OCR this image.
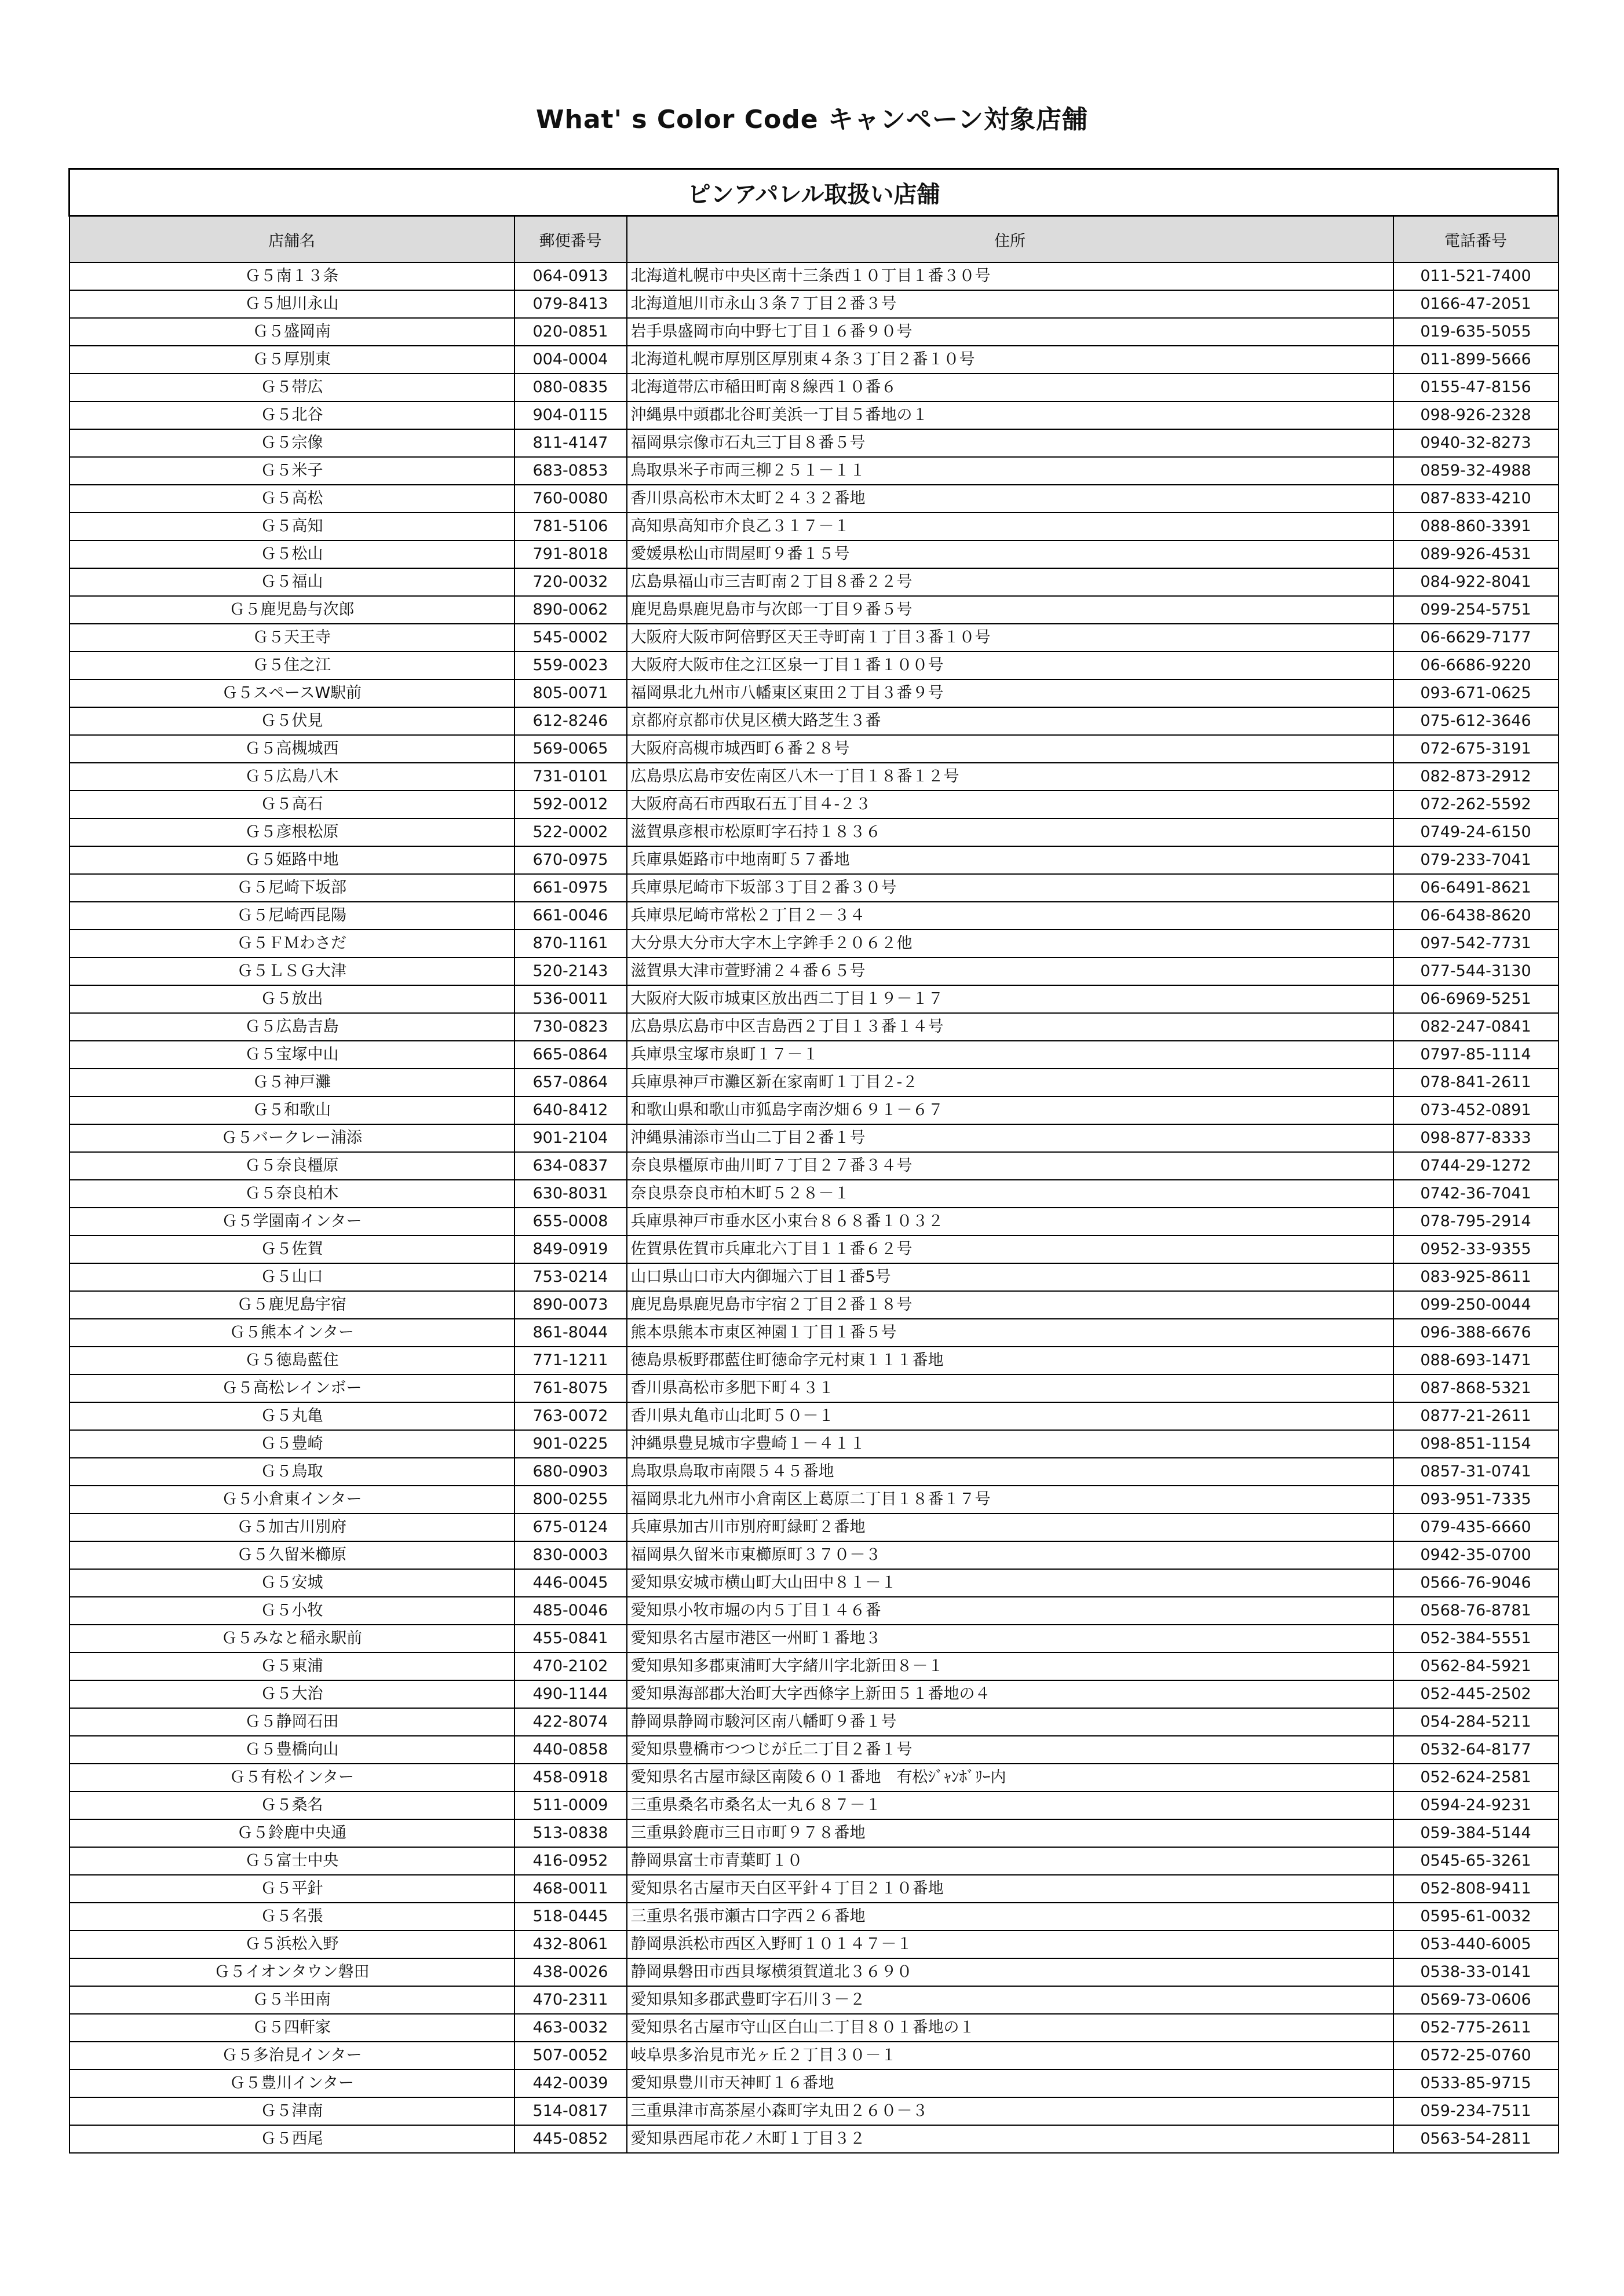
What' s Color Code キャンペーン対象店舗
ピンアパレル取扱い店舗			
店舗名	郵便番号	住所	電話番号
Ｇ５南１３条	064-0913	北海道札幌市中央区南十三条西１０丁目１番３０号	011-521-7400
Ｇ５旭川永山	079-8413	北海道旭川市永山３条７丁目２番３号	0166-47-2051
Ｇ５盛岡南	020-0851	岩手県盛岡市向中野七丁目１６番９０号	019-635-5055
Ｇ５厚別東	004-0004	北海道札幌市厚別区厚別東４条３丁目２番１０号	011-899-5666
Ｇ５帯広	080-0835	北海道帯広市稲田町南８線西１０番６	0155-47-8156
Ｇ５北谷	904-0115	沖縄県中頭郡北谷町美浜一丁目５番地の１	098-926-2328
Ｇ５宗像	811-4147	福岡県宗像市石丸三丁目８番５号	0940-32-8273
Ｇ５米子	683-0853	鳥取県米子市両三柳２５１－１１	0859-32-4988
Ｇ５高松	760-0080	香川県高松市木太町２４３２番地	087-833-4210
Ｇ５高知	781-5106	高知県高知市介良乙３１７－１	088-860-3391
Ｇ５松山	791-8018	愛媛県松山市問屋町９番１５号	089-926-4531
Ｇ５福山	720-0032	広島県福山市三吉町南２丁目８番２２号	084-922-8041
Ｇ５鹿児島与次郎	890-0062	鹿児島県鹿児島市与次郎一丁目９番５号	099-254-5751
Ｇ５天王寺	545-0002	大阪府大阪市阿倍野区天王寺町南１丁目３番１０号	06-6629-7177
Ｇ５住之江	559-0023	大阪府大阪市住之江区泉一丁目１番１００号	06-6686-9220
Ｇ５スペースW駅前	805-0071	福岡県北九州市八幡東区東田２丁目３番９号	093-671-0625
Ｇ５伏見	612-8246	京都府京都市伏見区横大路芝生３番	075-612-3646
Ｇ５高槻城西	569-0065	大阪府高槻市城西町６番２８号	072-675-3191
Ｇ５広島八木	731-0101	広島県広島市安佐南区八木一丁目１８番１２号	082-873-2912
Ｇ５高石	592-0012	大阪府高石市西取石五丁目４-２３	072-262-5592
Ｇ５彦根松原	522-0002	滋賀県彦根市松原町字石持１８３６	0749-24-6150
Ｇ５姫路中地	670-0975	兵庫県姫路市中地南町５７番地	079-233-7041
Ｇ５尼崎下坂部	661-0975	兵庫県尼崎市下坂部３丁目２番３０号	06-6491-8621
Ｇ５尼崎西昆陽	661-0046	兵庫県尼崎市常松２丁目２－３４	06-6438-8620
Ｇ５ＦＭわさだ	870-1161	大分県大分市大字木上字鉾手２０６２他	097-542-7731
Ｇ５ＬＳＧ大津	520-2143	滋賀県大津市萱野浦２４番６５号	077-544-3130
Ｇ５放出	536-0011	大阪府大阪市城東区放出西二丁目１９－１７	06-6969-5251
Ｇ５広島吉島	730-0823	広島県広島市中区吉島西２丁目１３番１４号	082-247-0841
Ｇ５宝塚中山	665-0864	兵庫県宝塚市泉町１７－１	0797-85-1114
Ｇ５神戸灘	657-0864	兵庫県神戸市灘区新在家南町１丁目２-２	078-841-2611
Ｇ５和歌山	640-8412	和歌山県和歌山市狐島字南汐畑６９１－６７	073-452-0891
Ｇ５バークレー浦添	901-2104	沖縄県浦添市当山二丁目２番１号	098-877-8333
Ｇ５奈良橿原	634-0837	奈良県橿原市曲川町７丁目２７番３４号	0744-29-1272
Ｇ５奈良柏木	630-8031	奈良県奈良市柏木町５２８－１	0742-36-7041
Ｇ５学園南インター	655-0008	兵庫県神戸市垂水区小束台８６８番１０３２	078-795-2914
Ｇ５佐賀	849-0919	佐賀県佐賀市兵庫北六丁目１１番６２号	0952-33-9355
Ｇ５山口	753-0214	山口県山口市大内御堀六丁目１番5号	083-925-8611
Ｇ５鹿児島宇宿	890-0073	鹿児島県鹿児島市宇宿２丁目２番１８号	099-250-0044
Ｇ５熊本インター	861-8044	熊本県熊本市東区神園１丁目１番５号	096-388-6676
Ｇ５徳島藍住	771-1211	徳島県板野郡藍住町徳命字元村東１１１番地	088-693-1471
Ｇ５高松レインボー	761-8075	香川県高松市多肥下町４３１	087-868-5321
Ｇ５丸亀	763-0072	香川県丸亀市山北町５０－１	0877-21-2611
Ｇ５豊崎	901-0225	沖縄県豊見城市字豊崎１－４１１	098-851-1154
Ｇ５鳥取	680-0903	鳥取県鳥取市南隈５４５番地	0857-31-0741
Ｇ５小倉東インター	800-0255	福岡県北九州市小倉南区上葛原二丁目１８番１７号	093-951-7335
Ｇ５加古川別府	675-0124	兵庫県加古川市別府町緑町２番地	079-435-6660
Ｇ５久留米櫛原	830-0003	福岡県久留米市東櫛原町３７０－３	0942-35-0700
Ｇ５安城	446-0045	愛知県安城市横山町大山田中８１－１	0566-76-9046
Ｇ５小牧	485-0046	愛知県小牧市堀の内５丁目１４６番	0568-76-8781
Ｇ５みなと稲永駅前	455-0841	愛知県名古屋市港区一州町１番地３	052-384-5551
Ｇ５東浦	470-2102	愛知県知多郡東浦町大字緒川字北新田８－１	0562-84-5921
Ｇ５大治	490-1144	愛知県海部郡大治町大字西條字上新田５１番地の４	052-445-2502
Ｇ５静岡石田	422-8074	静岡県静岡市駿河区南八幡町９番１号	054-284-5211
Ｇ５豊橋向山	440-0858	愛知県豊橋市つつじが丘二丁目２番１号	0532-64-8177
Ｇ５有松インター	458-0918	愛知県名古屋市緑区南陵６０１番地　有松ｼﾞｬﾝﾎﾞﾘｰ内	052-624-2581
Ｇ５桑名	511-0009	三重県桑名市桑名太一丸６８７－１	0594-24-9231
Ｇ５鈴鹿中央通	513-0838	三重県鈴鹿市三日市町９７８番地	059-384-5144
Ｇ５富士中央	416-0952	静岡県富士市青葉町１０	0545-65-3261
Ｇ５平針	468-0011	愛知県名古屋市天白区平針４丁目２１０番地	052-808-9411
Ｇ５名張	518-0445	三重県名張市瀬古口字西２６番地	0595-61-0032
Ｇ５浜松入野	432-8061	静岡県浜松市西区入野町１０１４７－１	053-440-6005
Ｇ５イオンタウン磐田	438-0026	静岡県磐田市西貝塚横須賀道北３６９０	0538-33-0141
Ｇ５半田南	470-2311	愛知県知多郡武豊町字石川３－２	0569-73-0606
Ｇ５四軒家	463-0032	愛知県名古屋市守山区白山二丁目８０１番地の１	052-775-2611
Ｇ５多治見インター	507-0052	岐阜県多治見市光ヶ丘２丁目３０－１	0572-25-0760
Ｇ５豊川インター	442-0039	愛知県豊川市天神町１６番地	0533-85-9715
Ｇ５津南	514-0817	三重県津市高茶屋小森町字丸田２６０－３	059-234-7511
Ｇ５西尾	445-0852	愛知県西尾市花ノ木町１丁目３２	0563-54-2811
